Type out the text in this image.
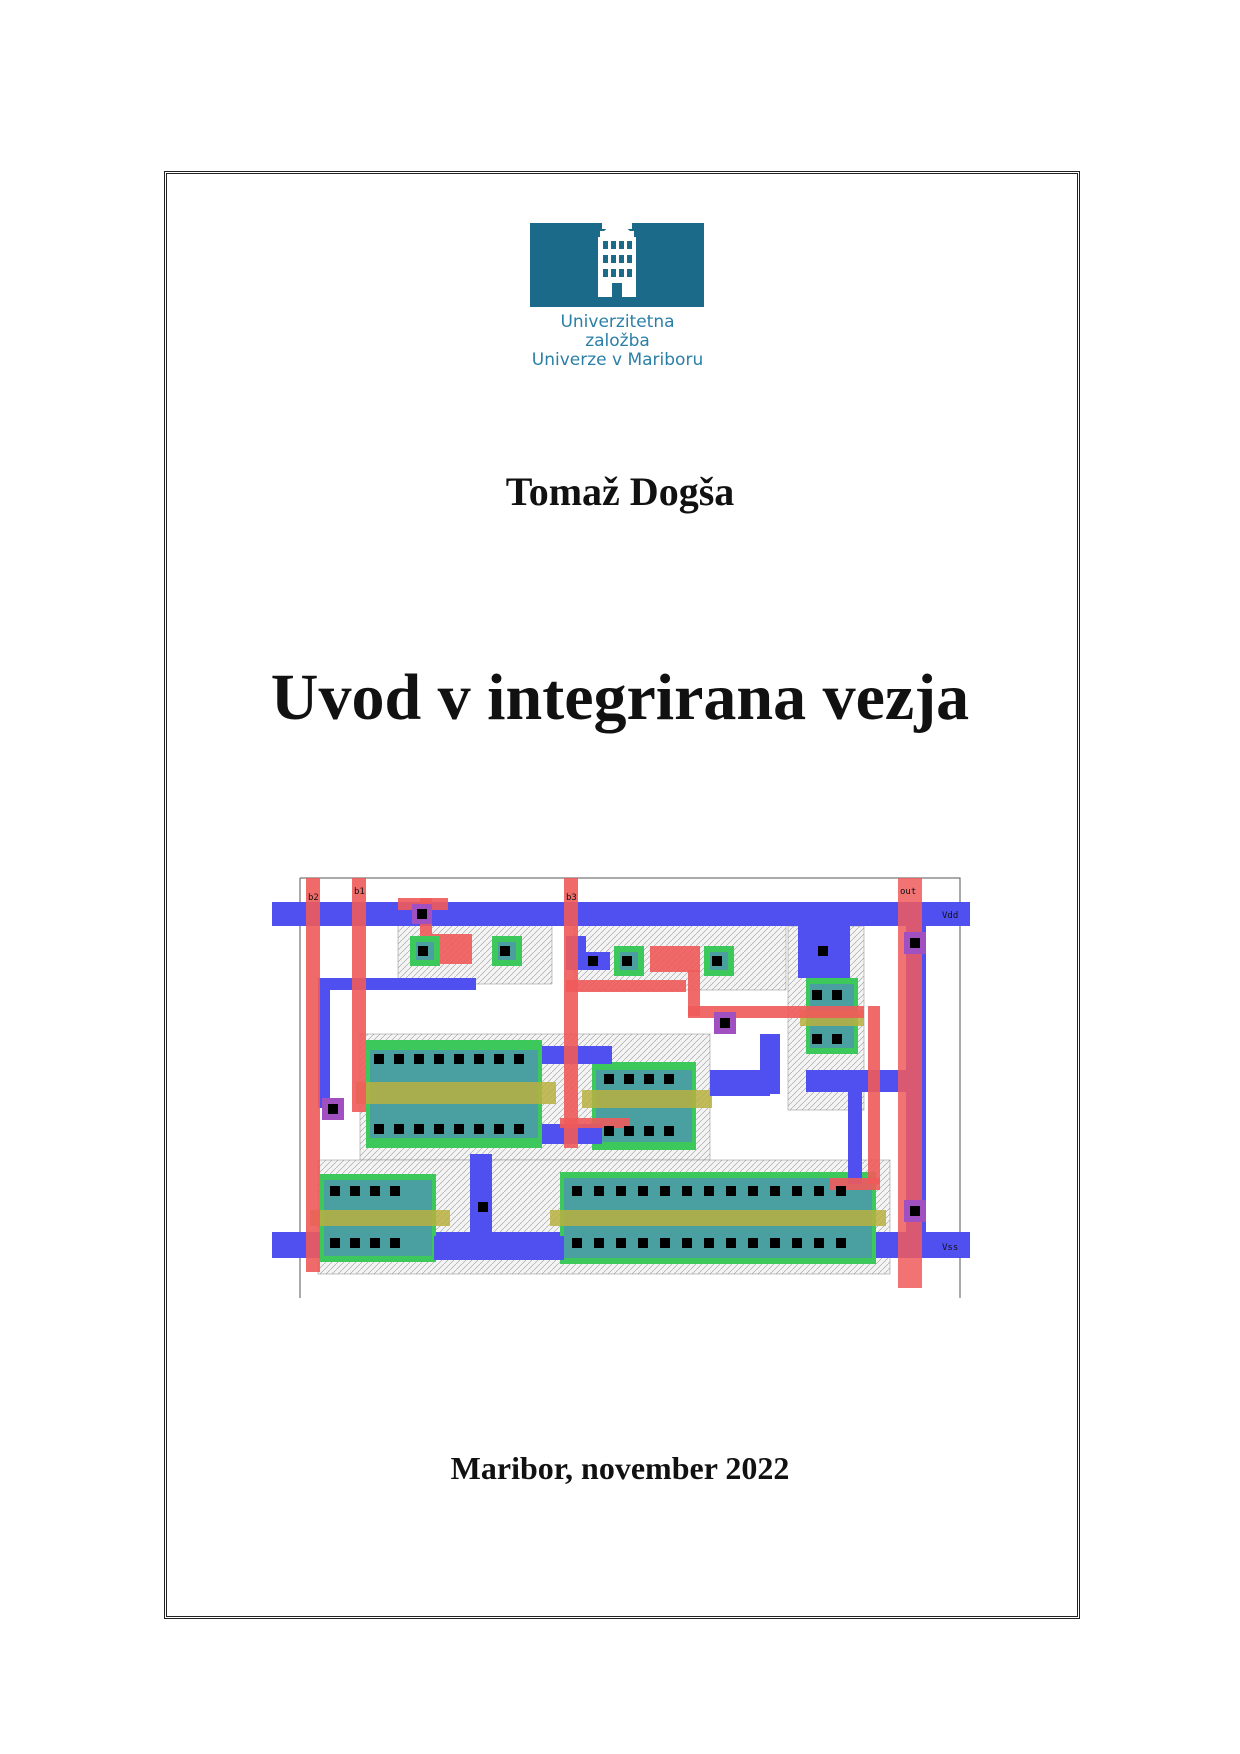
Univerzitetna založba
Univerze v Mariboru
Tomaž Dogša
Uvod v integrirana vezja
b2
b1
b3
out
Vdd
Vss
Maribor, november 2022
